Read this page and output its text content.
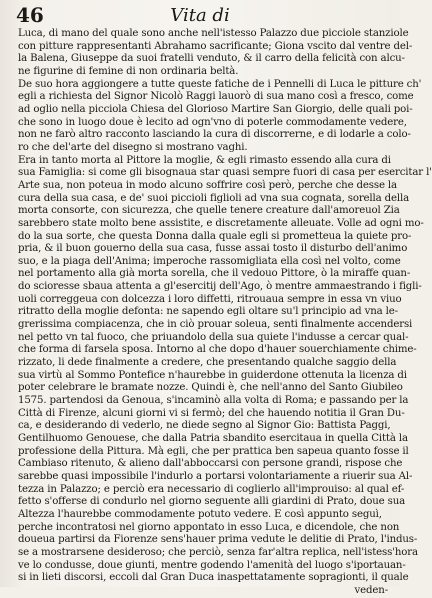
46	Vita di

Luca, di mano del quale sono anche nell'istesso Palazzo due picciole stanziole

con pitture rappresentanti Abrahamo sacrificante; Giona vscito dal ventre del-

la Balena, Giuseppe da suoi fratelli venduto, & il carro della felicità con alcu-

ne figurine di femine di non ordinaria beltà.

De suo hora aggiongere a tutte queste fatiche de i Pennelli di Luca le pitture ch'

egli a richiesta del Signor Nicolò Raggi lauorò di sua mano così a fresco, come

ad oglio nella picciola Chiesa del Glorioso Martire San Giorgio, delle quali poi-

che sono in luogo doue è lecito ad ogn'vno di poterle commodamente vedere,

non ne farò altro racconto lasciando la cura di discorrerne, e di lodarle a colo-

ro che del'arte del disegno si mostrano vaghi.

Era in tanto morta al Pittore la moglie, & egli rimasto essendo alla cura di

sua Famiglia: si come gli bisognaua star quasi sempre fuori di casa per esercitar l'

Arte sua, non poteua in modo alcuno soffrire così però, perche che desse la

cura della sua casa, e de' suoi piccioli figlioli ad vna sua cognata, sorella della

morta consorte, con sicurezza, che quelle tenere creature dall'amoreuol Zia

sarebbero state molto bene assistite, e discretamente alleuate. Volle ad ogni mo-

do la sua sorte, che questa Donna dalla quale egli si prometteua la quiete pro-

pria, & il buon gouerno della sua casa, fusse assai tosto il disturbo dell'animo

suo, e la piaga dell'Anima; imperoche rassomigliata ella così nel volto, come

nel portamento alla già morta sorella, che il vedouo Pittore, ò la miraffe quan-

do scioresse sbaua attenta a gl'esercitij dell'Ago, ò mentre ammaestrando i figli-

uoli correggeua con dolcezza i loro diffetti, ritrouaua sempre in essa vn viuo

ritratto della moglie defonta: ne sapendo egli oltare su'l principio ad vna le-

grerissima compiacenza, che in ciò prouar soleua, senti finalmente accendersi

nel petto vn tal fuoco, che priuandolo della sua quiete l'indusse a cercar qual-

che forma di farsela sposa. Intorno al che dopo d'hauer souerchiamente chime-

rizzato, li dede finalmente a credere, che presentando qualche saggio della

sua virtù al Sommo Pontefice n'haurebbe in guiderdone ottenuta la licenza di

poter celebrare le bramate nozze. Quindi è, che nell'anno del Santo Giubileo

1575. partendosi da Genoua, s'incaminò alla volta di Roma; e passando per la

Città di Firenze, alcuni giorni vi si fermò; del che hauendo notitia il Gran Du-

ca, e desiderando di vederlo, ne diede segno al Signor Gio: Battista Paggi,

Gentilhuomo Genouese, che dalla Patria sbandito esercitaua in quella Città la

professione della Pittura. Mà egli, che per prattica ben sapeua quanto fosse il

Cambiaso ritenuto, & alieno dall'abboccarsi con persone grandi, rispose che

sarebbe quasi impossibile l'indurlo a portarsi volontariamente a riuerir sua Al-

tezza in Palazzo; e perciò era necessario di coglierlo all'improuiso: al qual ef-

fetto s'offerse di condurlo nel giorno seguente alli giardini di Prato, doue sua

Altezza l'haurebbe commodamente potuto vedere. E così appunto seguì,

perche incontratosi nel giorno appontato in esso Luca, e dicendole, che non

doueua partirsi da Fiorenze sens'hauer prima vedute le delitie di Prato, l'indus-

se a mostrarsene desideroso; che perciò, senza far'altra replica, nell'istess'hora

ve lo condusse, doue giunti, mentre godendo l'amenità del luogo s'iportauan-

si in lieti discorsi, eccoli dal Gran Duca inaspettatamente sopragionti, il quale

veden-
